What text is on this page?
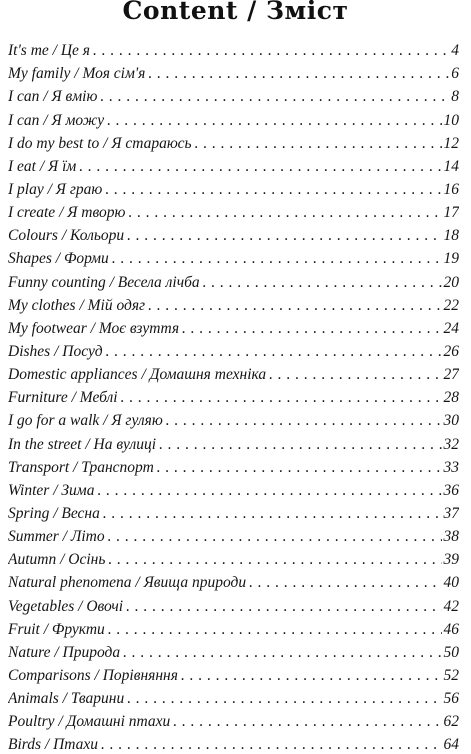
Content / Зміст
It's me / Це я . . .	4
My family / Моя сім'я . . .	6
I can / Я вмію . . .	8
I can / Я можу . . .	10
I do my best to / Я стараюсь . . .	12
I eat / Я їм . . .	14
I play / Я граю . . .	16
I create / Я творю . . .	17
Colours / Кольори . . .	18
Shapes / Форми . . .	19
Funny counting / Весела лічба . . .	20
My clothes / Мій одяг . . .	22
My footwear / Моє взуття . . .	24
Dishes / Посуд . . .	26
Domestic appliances / Домашня техніка . . .	27
Furniture / Меблі . . .	28
I go for a walk / Я гуляю . . .	30
In the street / На вулиці . . .	32
Transport / Транспорт . . .	33
Winter / Зима . . .	36
Spring / Весна . . .	37
Summer / Літо . . .	38
Autumn / Осінь . . .	39
Natural phenomena / Явища природи . . .	40
Vegetables / Овочі . . .	42
Fruit / Фрукти . . .	46
Nature / Природа . . .	50
Comparisons / Порівняння . . .	52
Animals / Тварини . . .	56
Poultry / Домашні птахи . . .	62
Birds / Птахи . . .	64
